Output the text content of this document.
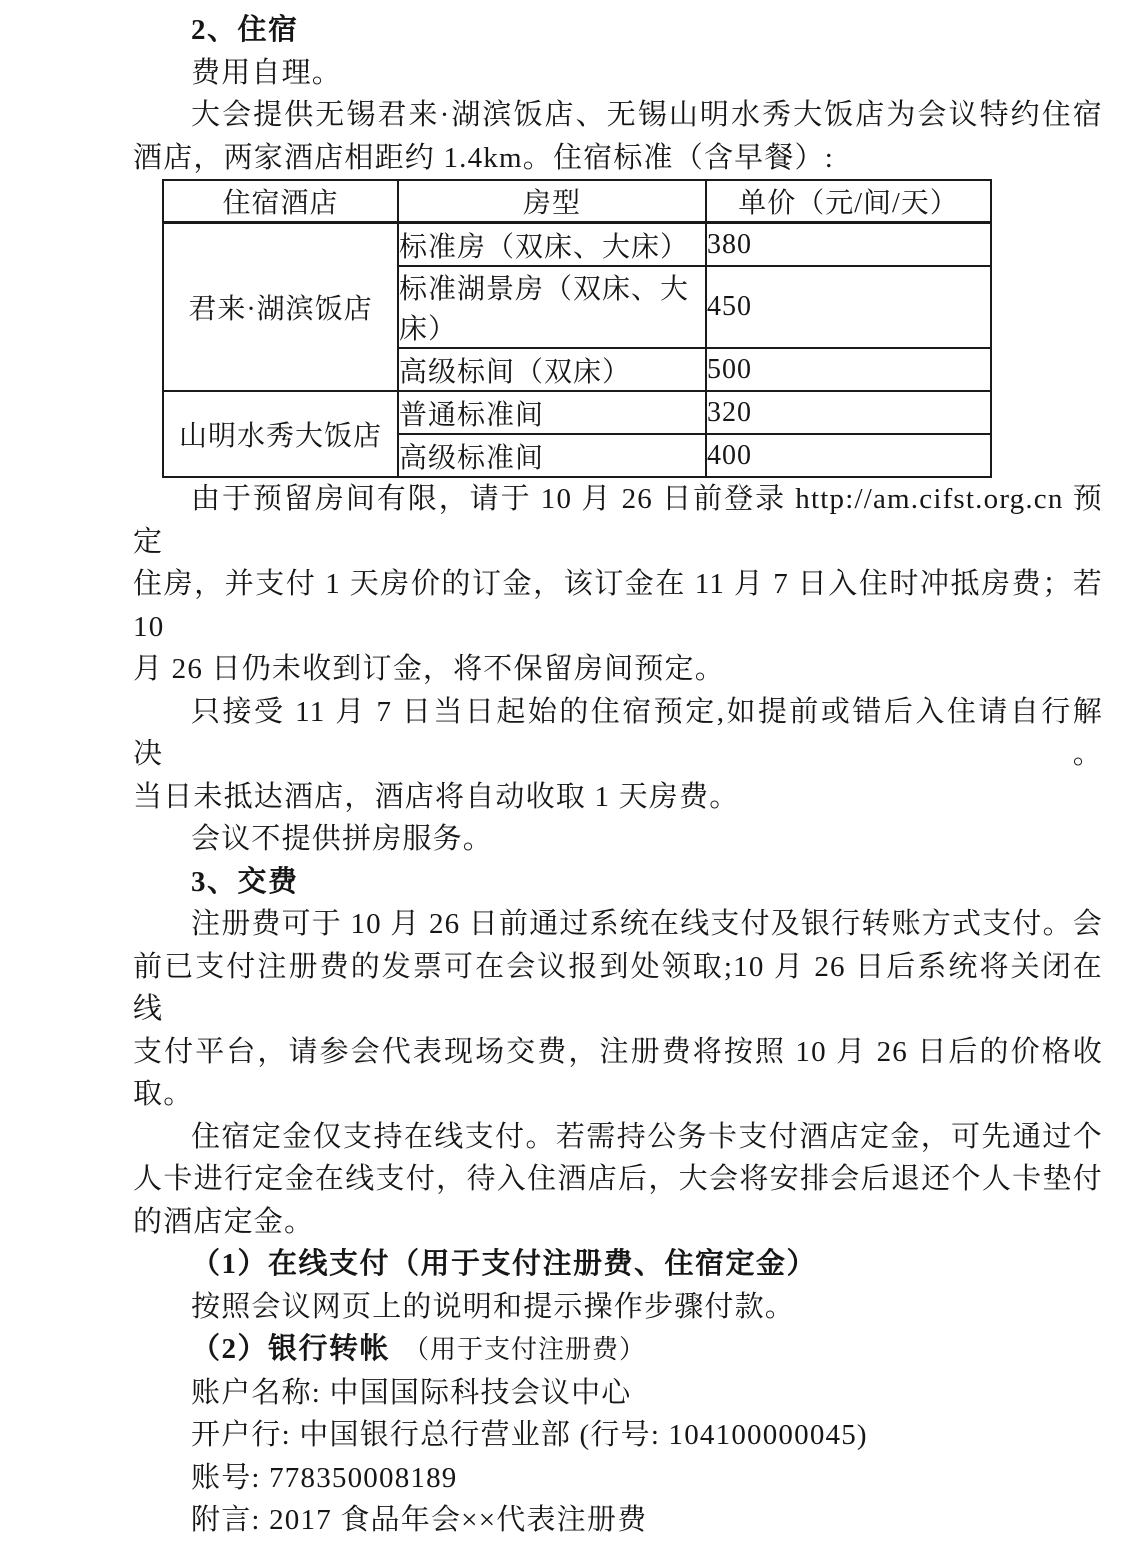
2、住宿
费用自理。
大会提供无锡君来·湖滨饭店、无锡山明水秀大饭店为会议特约住宿
酒店，两家酒店相距约 1.4km。住宿标准（含早餐）:
住宿酒店	房型	单价（元/间/天）
君来·湖滨饭店	标准房（双床、大床）	380
	标准湖景房（双床、大床）	450
	高级标间（双床）	500
山明水秀大饭店	普通标准间	320
	高级标准间	400
由于预留房间有限，请于 10 月 26 日前登录 http://am.cifst.org.cn 预定
住房，并支付 1 天房价的订金，该订金在 11 月 7 日入住时冲抵房费；若 10
月 26 日仍未收到订金，将不保留房间预定。
只接受 11 月 7 日当日起始的住宿预定,如提前或错后入住请自行解决。
当日未抵达酒店，酒店将自动收取 1 天房费。
会议不提供拼房服务。
3、交费
注册费可于 10 月 26 日前通过系统在线支付及银行转账方式支付。会
前已支付注册费的发票可在会议报到处领取;10 月 26 日后系统将关闭在线
支付平台，请参会代表现场交费，注册费将按照 10 月 26 日后的价格收取。
住宿定金仅支持在线支付。若需持公务卡支付酒店定金，可先通过个
人卡进行定金在线支付，待入住酒店后，大会将安排会后退还个人卡垫付
的酒店定金。
（1）在线支付（用于支付注册费、住宿定金）
按照会议网页上的说明和提示操作步骤付款。
（2）银行转帐 （用于支付注册费）
账户名称: 中国国际科技会议中心
开户行: 中国银行总行营业部 (行号: 104100000045)
账号: 778350008189
附言: 2017 食品年会××代表注册费
